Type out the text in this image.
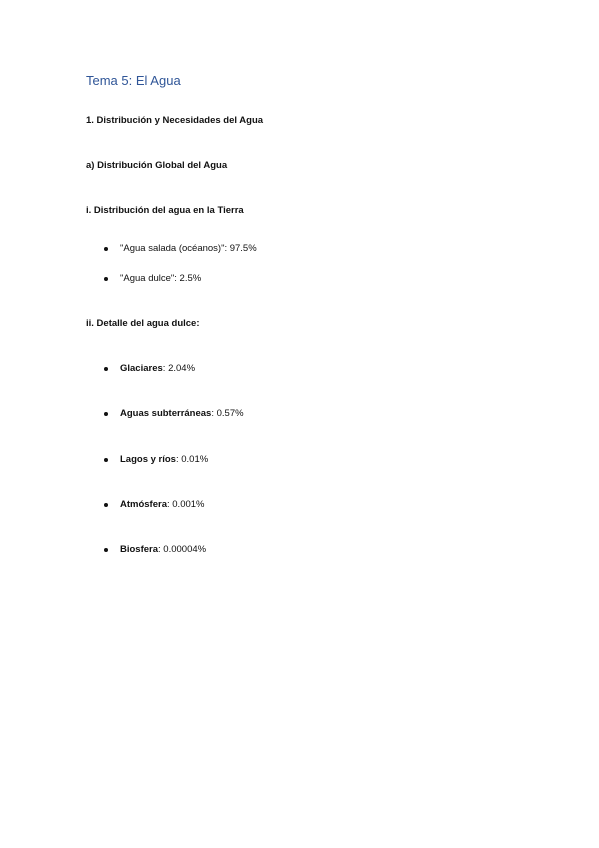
Tema 5: El Agua
1. Distribución y Necesidades del Agua
a) Distribución Global del Agua
i. Distribución del agua en la Tierra
"Agua salada (océanos)": 97.5%
"Agua dulce": 2.5%
ii. Detalle del agua dulce:
Glaciares : 2.04%
Aguas subterráneas : 0.57%
Lagos y ríos : 0.01%
Atmósfera : 0.001%
Biosfera : 0.00004%
